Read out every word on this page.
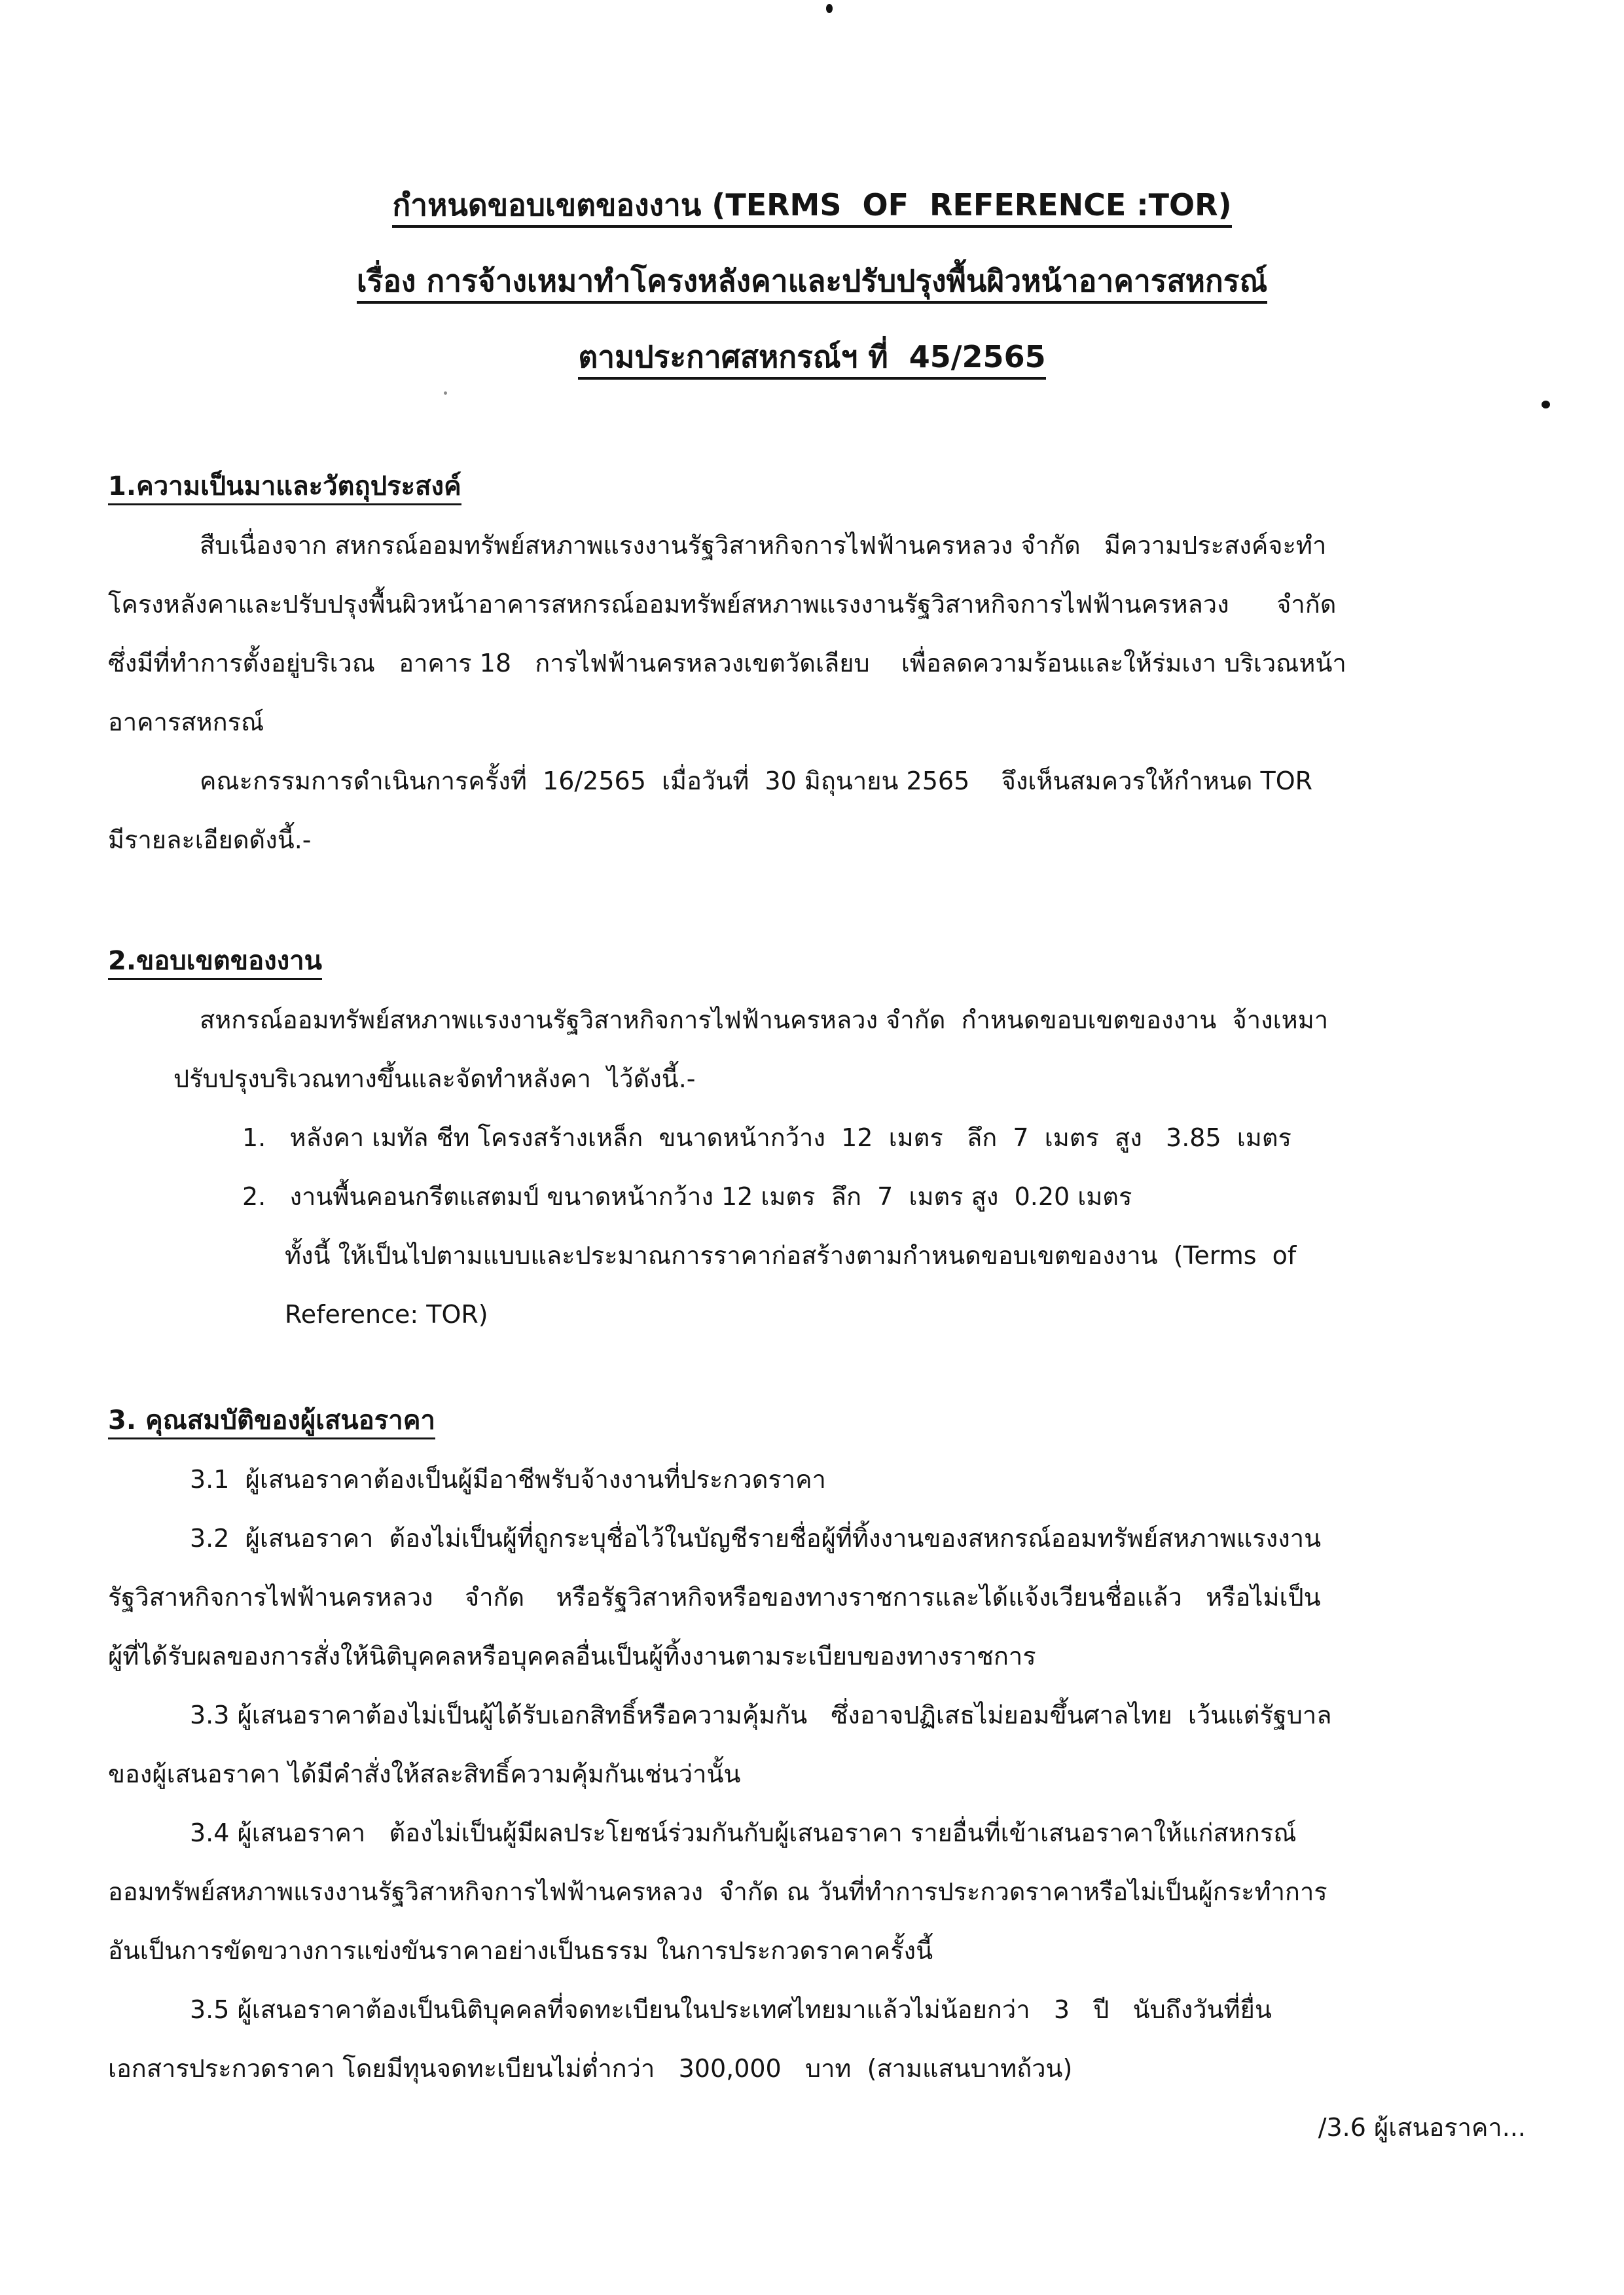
กำหนดขอบเขตของงาน (TERMS  OF  REFERENCE :TOR)
เรื่อง การจ้างเหมาทำโครงหลังคาและปรับปรุงพื้นผิวหน้าอาคารสหกรณ์
ตามประกาศสหกรณ์ฯ ที่  45/2565
1.ความเป็นมาและวัตถุประสงค์
สืบเนื่องจาก สหกรณ์ออมทรัพย์สหภาพแรงงานรัฐวิสาหกิจการไฟฟ้านครหลวง จำกัด   มีความประสงค์จะทำ
โครงหลังคาและปรับปรุงพื้นผิวหน้าอาคารสหกรณ์ออมทรัพย์สหภาพแรงงานรัฐวิสาหกิจการไฟฟ้านครหลวง      จำกัด
ซึ่งมีที่ทำการตั้งอยู่บริเวณ   อาคาร 18   การไฟฟ้านครหลวงเขตวัดเลียบ    เพื่อลดความร้อนและให้ร่มเงา บริเวณหน้า
อาคารสหกรณ์
คณะกรรมการดำเนินการครั้งที่  16/2565  เมื่อวันที่  30 มิถุนายน 2565    จึงเห็นสมควรให้กำหนด TOR
มีรายละเอียดดังนี้.-
2.ขอบเขตของงาน
สหกรณ์ออมทรัพย์สหภาพแรงงานรัฐวิสาหกิจการไฟฟ้านครหลวง จำกัด  กำหนดขอบเขตของงาน  จ้างเหมา
ปรับปรุงบริเวณทางขึ้นและจัดทำหลังคา  ไว้ดังนี้.-
1.   หลังคา เมทัล ชีท โครงสร้างเหล็ก  ขนาดหน้ากว้าง  12  เมตร   ลึก  7  เมตร  สูง   3.85  เมตร
2.   งานพื้นคอนกรีตแสตมป์ ขนาดหน้ากว้าง 12 เมตร  ลึก  7  เมตร สูง  0.20 เมตร
ทั้งนี้ ให้เป็นไปตามแบบและประมาณการราคาก่อสร้างตามกำหนดขอบเขตของงาน  (Terms  of
Reference: TOR)
3. คุณสมบัติของผู้เสนอราคา
3.1  ผู้เสนอราคาต้องเป็นผู้มีอาชีพรับจ้างงานที่ประกวดราคา
3.2  ผู้เสนอราคา  ต้องไม่เป็นผู้ที่ถูกระบุชื่อไว้ในบัญชีรายชื่อผู้ที่ทิ้งงานของสหกรณ์ออมทรัพย์สหภาพแรงงาน
รัฐวิสาหกิจการไฟฟ้านครหลวง    จำกัด    หรือรัฐวิสาหกิจหรือของทางราชการและได้แจ้งเวียนชื่อแล้ว   หรือไม่เป็น
ผู้ที่ได้รับผลของการสั่งให้นิติบุคคลหรือบุคคลอื่นเป็นผู้ทิ้งงานตามระเบียบของทางราชการ
3.3 ผู้เสนอราคาต้องไม่เป็นผู้ได้รับเอกสิทธิ์หรือความคุ้มกัน   ซึ่งอาจปฏิเสธไม่ยอมขึ้นศาลไทย  เว้นแต่รัฐบาล
ของผู้เสนอราคา ได้มีคำสั่งให้สละสิทธิ์ความคุ้มกันเช่นว่านั้น
3.4 ผู้เสนอราคา   ต้องไม่เป็นผู้มีผลประโยชน์ร่วมกันกับผู้เสนอราคา รายอื่นที่เข้าเสนอราคาให้แก่สหกรณ์
ออมทรัพย์สหภาพแรงงานรัฐวิสาหกิจการไฟฟ้านครหลวง  จำกัด ณ วันที่ทำการประกวดราคาหรือไม่เป็นผู้กระทำการ
อันเป็นการขัดขวางการแข่งขันราคาอย่างเป็นธรรม ในการประกวดราคาครั้งนี้
3.5 ผู้เสนอราคาต้องเป็นนิติบุคคลที่จดทะเบียนในประเทศไทยมาแล้วไม่น้อยกว่า   3   ปี   นับถึงวันที่ยื่น
เอกสารประกวดราคา โดยมีทุนจดทะเบียนไม่ต่ำกว่า   300,000   บาท  (สามแสนบาทถ้วน)
/3.6 ผู้เสนอราคา...
